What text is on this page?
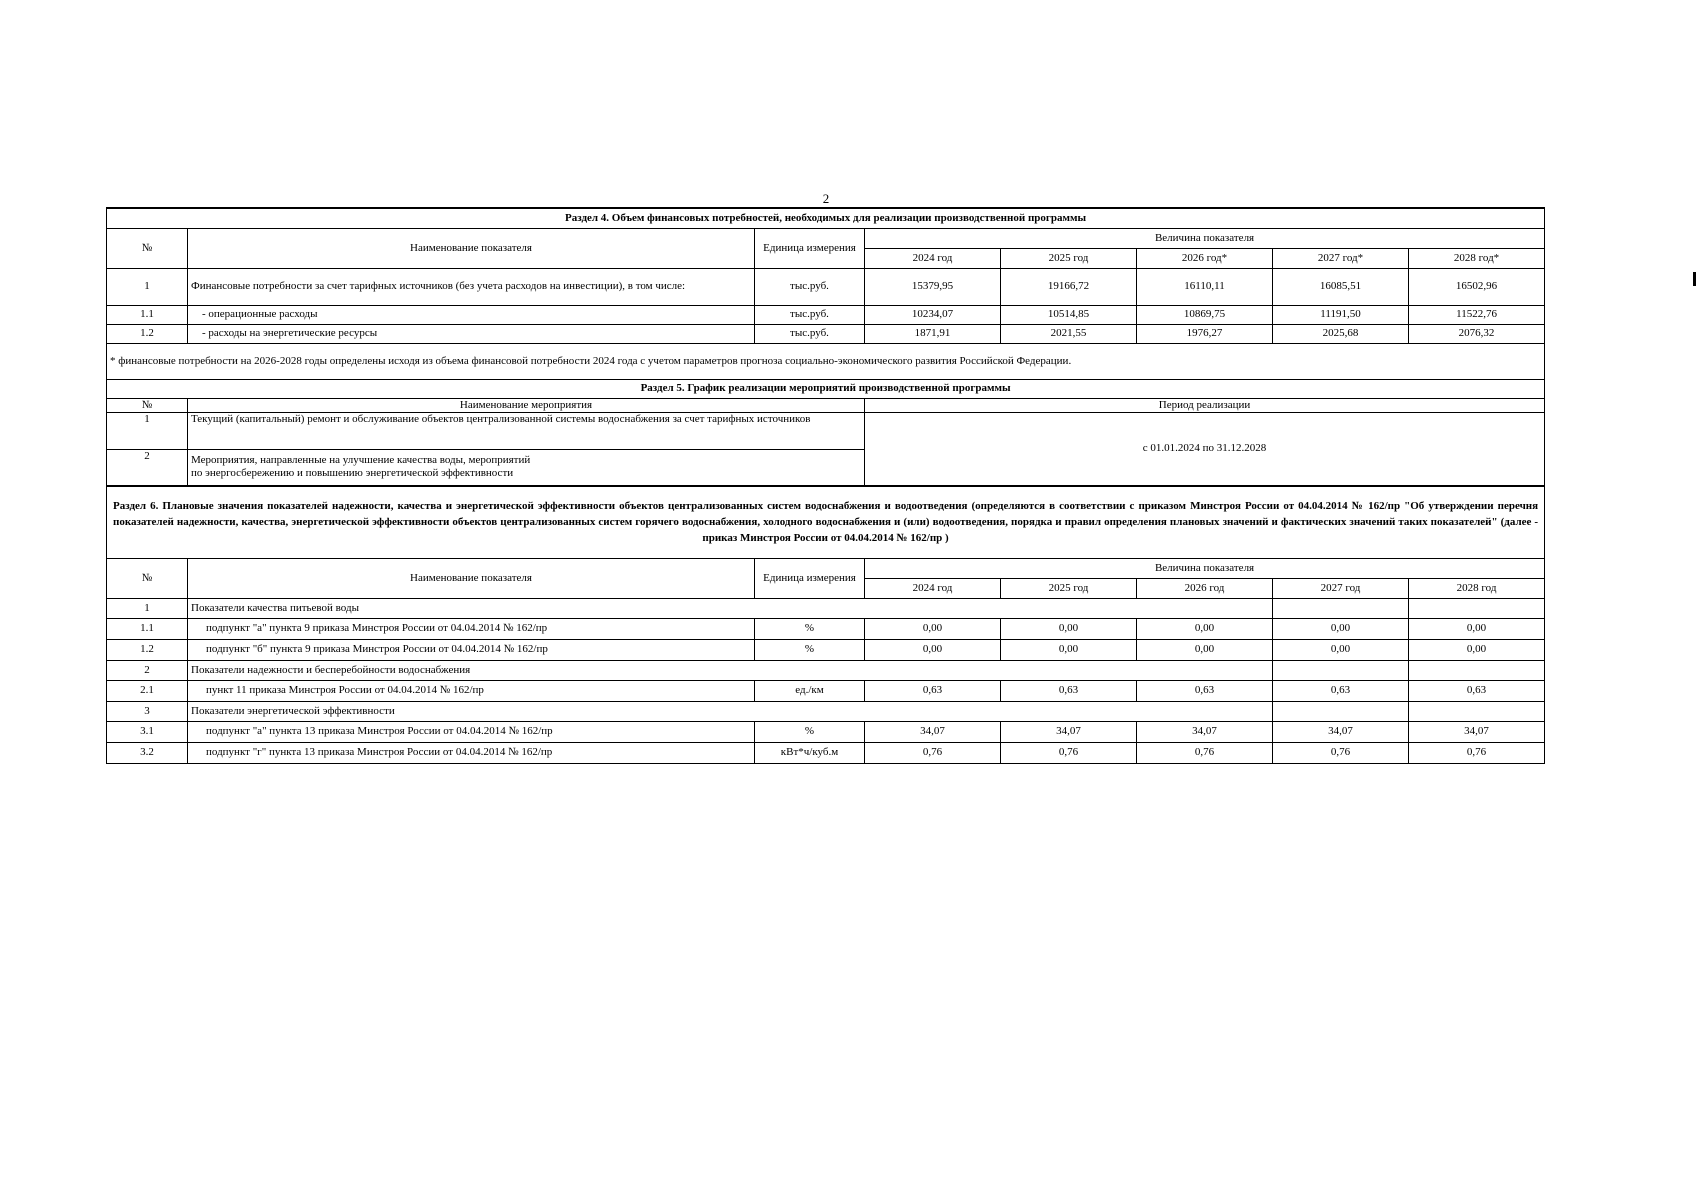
2
Раздел 4. Объем финансовых потребностей, необходимых для реализации производственной программы							
№	Наименование показателя	Единица измерения	Величина показателя				
			2024 год	2025 год	2026 год*	2027 год*	2028 год*
1	Финансовые потребности за счет тарифных источников (без учета расходов на инвестиции), в том числе:	тыс.руб.	15379,95	19166,72	16110,11	16085,51	16502,96
1.1	- операционные расходы	тыс.руб.	10234,07	10514,85	10869,75	11191,50	11522,76
1.2	- расходы на энергетические ресурсы	тыс.руб.	1871,91	2021,55	1976,27	2025,68	2076,32
* финансовые потребности на 2026-2028 годы определены исходя из объема финансовой потребности 2024 года с учетом параметров прогноза социально-экономического развития Российской Федерации.							
Раздел 5. График реализации мероприятий производственной программы							
№	Наименование мероприятия		Период реализации				
1	Текущий (капитальный) ремонт и обслуживание объектов централизованной системы водоснабжения за счет тарифных источников		с 01.01.2024 по 31.12.2028				
2	Мероприятия, направленные на улучшение качества воды, мероприятий
по энергосбережению и повышению энергетической эффективности						

Раздел 6. Плановые значения показателей надежности, качества и энергетической эффективности объектов централизованных систем водоснабжения и водоотведения (определяются в соответствии с приказом Минстроя России от 04.04.2014 № 162/пр "Об утверждении перечня показателей надежности, качества, энергетической эффективности объектов централизованных систем горячего водоснабжения, холодного водоснабжения и (или) водоотведения, порядка и правил определения плановых значений и фактических значений таких показателей" (далее - приказ Минстроя России от 04.04.2014 № 162/пр )							
№	Наименование показателя	Единица измерения	Величина показателя				
			2024 год	2025 год	2026 год	2027 год	2028 год
1	Показатели качества питьевой воды						
1.1	подпункт "а" пункта 9 приказа Минстроя России от 04.04.2014 № 162/пр	%	0,00	0,00	0,00	0,00	0,00
1.2	подпункт "б" пункта 9 приказа Минстроя России от 04.04.2014 № 162/пр	%	0,00	0,00	0,00	0,00	0,00
2	Показатели надежности и бесперебойности водоснабжения						
2.1	пункт 11 приказа Минстроя России от 04.04.2014 № 162/пр	ед./км	0,63	0,63	0,63	0,63	0,63
3	Показатели энергетической эффективности						
3.1	подпункт "а" пункта 13 приказа Минстроя России от 04.04.2014 № 162/пр	%	34,07	34,07	34,07	34,07	34,07
3.2	подпункт "г" пункта 13 приказа Минстроя России от 04.04.2014 № 162/пр	кВт*ч/куб.м	0,76	0,76	0,76	0,76	0,76
